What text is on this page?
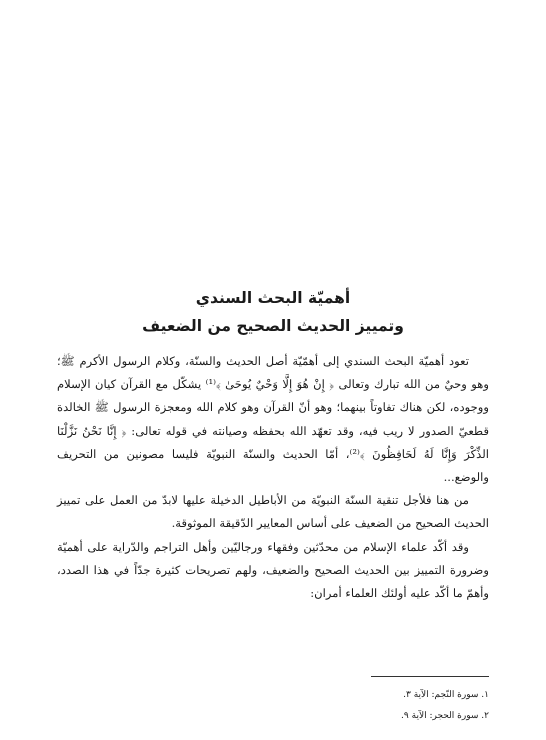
أهميّة البحث السندي
وتمييز الحديث الصحيح من الضعيف

تعود أهميّة البحث السندي إلى أهمّيّة أصل الحديث والسنّة، وكلام الرسول الأكرم ﷺ؛ وهو وحيٌ من الله تبارك وتعالى ﴿ إِنْ هُوَ إِلَّا وَحْيٌ يُوحَىٰ ﴾⁽¹⁾ يشكّل مع القرآن كيان الإسلام ووجوده، لكن هناك تفاوتاً بينهما؛ وهو أنّ القرآن وهو كلام الله ومعجزة الرسول ﷺ الخالدة قطعيّ الصدور لا ريب فيه، وقد تعهّد الله بحفظه وصيانته في قوله تعالى: ﴿ إِنَّا نَحْنُ نَزَّلْنَا الذِّكْرَ وَإِنَّا لَهُ لَحَافِظُونَ ﴾⁽²⁾، أمّا الحديث والسنّة النبويّة فليسا مصونين من التحريف والوضع...

من هنا فلأجل تنقية السنّة النبويّة من الأباطيل الدخيلة عليها لابدّ من العمل على تمييز الحديث الصحيح من الضعيف على أساس المعايير الدّقيقة الموثوقة.

وقد أكّد علماء الإسلام من محدّثين وفقهاء ورجاليّين وأهل التراجم والدّراية على أهميّة وضرورة التمييز بين الحديث الصحيح والضعيف، ولهم تصريحات كثيرة جدّاً في هذا الصدد، وأهمّ ما أكّد عليه أولئك العلماء أمران:

١. سورة النّجم: الآية ٣.

٢. سورة الحجر: الآية ٩.
